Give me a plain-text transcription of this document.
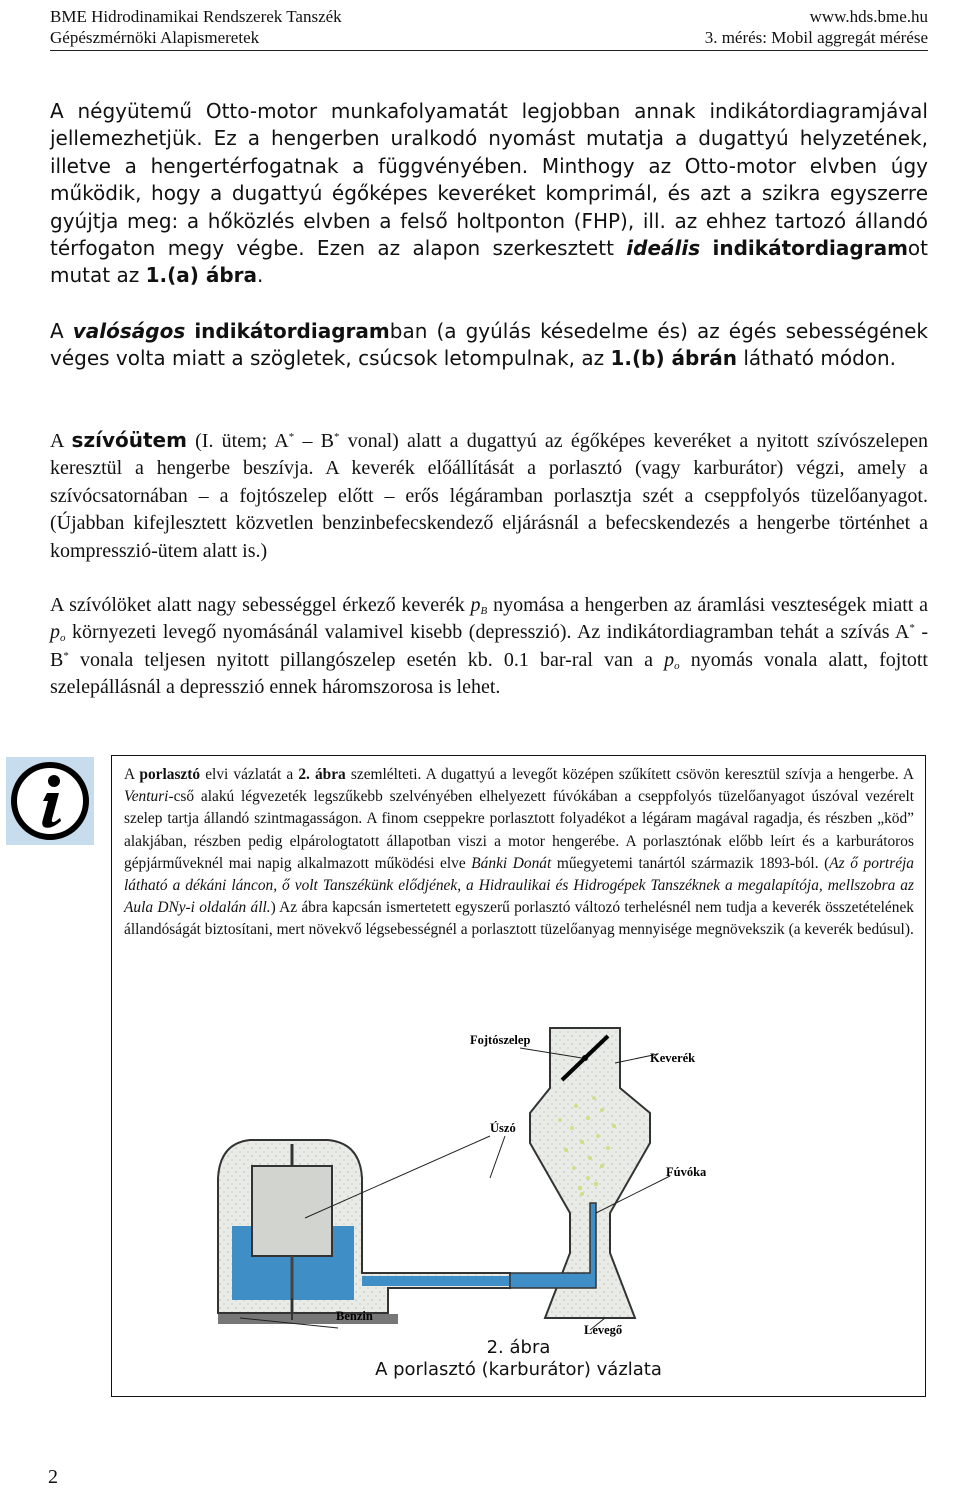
BME Hidrodinamikai Rendszerek Tanszék	www.hds.bme.hu
Gépészmérnöki Alapismeretek	3. mérés: Mobil aggregát mérése
A négyütemű Otto-motor munkafolyamatát legjobban annak indikátordiagramjával jellemezhetjük. Ez a hengerben uralkodó nyomást mutatja a dugattyú helyzetének, illetve a hengertérfogatnak a függvényében. Minthogy az Otto-motor elvben úgy működik, hogy a dugattyú égőképes keveréket komprimál, és azt a szikra egyszerre gyújtja meg: a hőközlés elvben a felső holtponton (FHP), ill. az ehhez tartozó állandó térfogaton megy végbe. Ezen az alapon szerkesztett ideális indikátordiagramot mutat az 1.(a) ábra.
A valóságos indikátordiagramban (a gyúlás késedelme és) az égés sebességének véges volta miatt a szögletek, csúcsok letompulnak, az 1.(b) ábrán látható módon.
A szívóütem (I. ütem; A* – B* vonal) alatt a dugattyú az égőképes keveréket a nyitott szívószelepen keresztül a hengerbe beszívja. A keverék előállítását a porlasztó (vagy karburátor) végzi, amely a szívócsatornában – a fojtószelep előtt – erős légáramban porlasztja szét a cseppfolyós tüzelőanyagot. (Újabban kifejlesztett közvetlen benzinbefecskendező eljárásnál a befecskendezés a hengerbe történhet a kompresszió-ütem alatt is.)
A szívólöket alatt nagy sebességgel érkező keverék $p_B$ nyomása a hengerben az áramlási veszteségek miatt a $p_o$ környezeti levegő nyomásánál valamivel kisebb (depresszió). Az indikátordiagramban tehát a szívás A* - B* vonala teljesen nyitott pillangószelep esetén kb. 0.1 bar-ral van a $p_o$ nyomás vonala alatt, fojtott szelepállásnál a depresszió ennek háromszorosa is lehet.
A porlasztó elvi vázlatát a 2. ábra szemlélteti. A dugattyú a levegőt középen szűkített csövön keresztül szívja a hengerbe. A Venturi-cső alakú légvezeték legszűkebb szelvényében elhelyezett fúvókában a cseppfolyós tüzelőanyagot úszóval vezérelt szelep tartja állandó szintmagasságon. A finom cseppekre porlasztott folyadékot a légáram magával ragadja, és részben „köd” alakjában, részben pedig elpárologtatott állapotban viszi a motor hengerébe. A porlasztónak előbb leírt és a karburátoros gépjárműveknél mai napig alkalmazott működési elve Bánki Donát műegyetemi tanártól származik 1893-ból. (Az ő portréja látható a dékáni láncon, ő volt Tanszékünk elődjének, a Hidraulikai és Hidrogépek Tanszéknek a megalapítója, mellszobra az Aula DNy-i oldalán áll.) Az ábra kapcsán ismertetett egyszerű porlasztó változó terhelésnél nem tudja a keverék összetételének állandóságát biztosítani, mert növekvő légsebességnél a porlasztott tüzelőanyag mennyisége megnövekszik (a keverék bedúsul).
Fojtószelep
Keverék
Úszó
Fúvóka
Benzin
Levegő
2. ábra
A porlasztó (karburátor) vázlata
2
